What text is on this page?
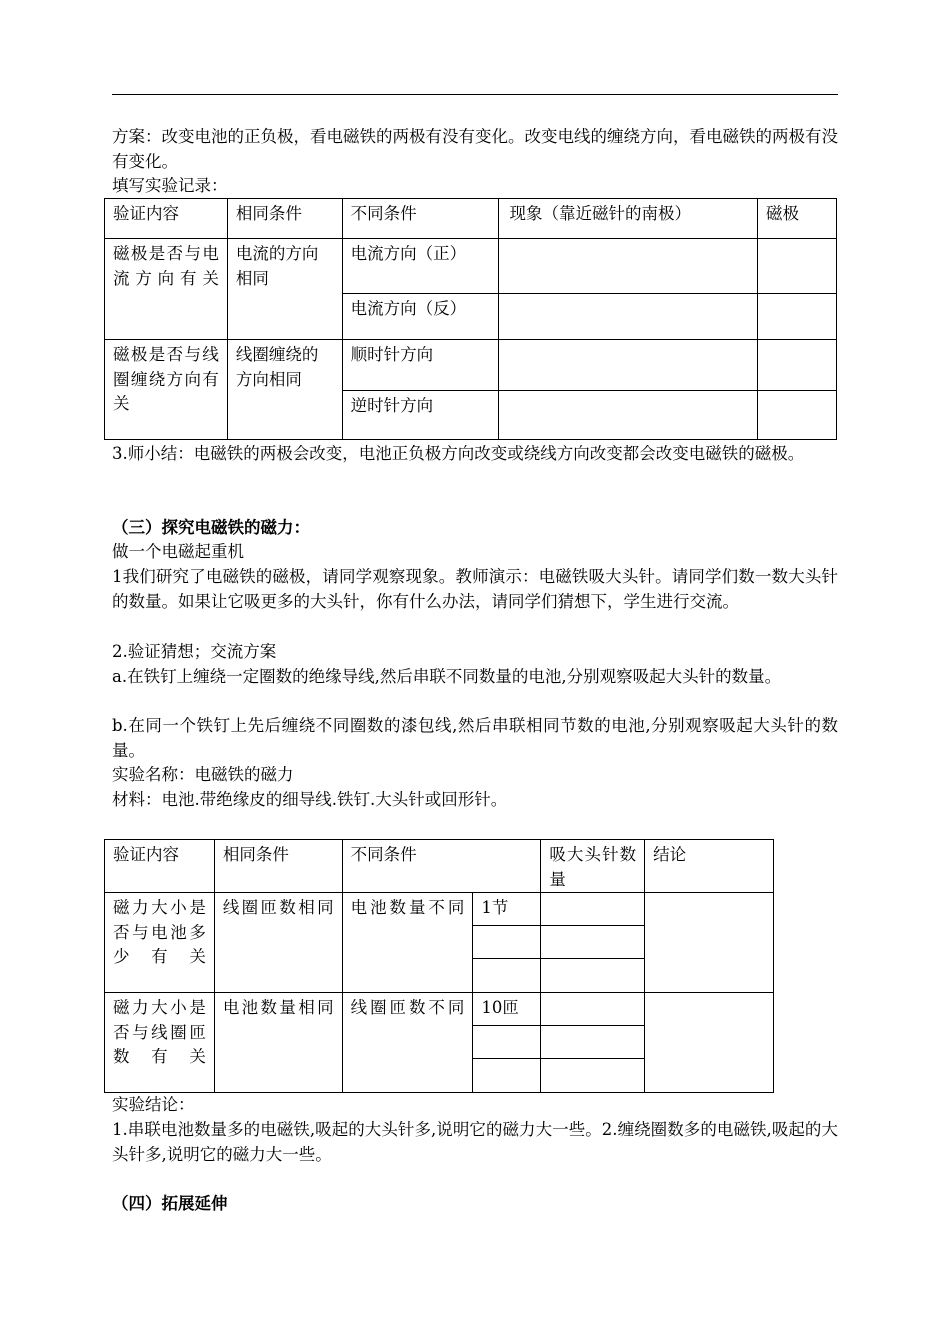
方案：改变电池的正负极，看电磁铁的两极有没有变化。改变电线的缠绕方向，看电磁铁的两极有没有变化。

填写实验记录：

验证内容	相同条件	不同条件	现象（靠近磁针的南极）	磁极
磁极是否与电流方向有关	电流的方向相同	电流方向（正）		
		电流方向（反）		
磁极是否与线圈缠绕方向有关	线圈缠绕的方向相同	顺时针方向		
		逆时针方向		

3.师小结：电磁铁的两极会改变，电池正负极方向改变或绕线方向改变都会改变电磁铁的磁极。

（三）探究电磁铁的磁力：

做一个电磁起重机

1我们研究了电磁铁的磁极，请同学观察现象。教师演示：电磁铁吸大头针。请同学们数一数大头针的数量。如果让它吸更多的大头针，你有什么办法，请同学们猜想下，学生进行交流。

2.验证猜想；交流方案

a.在铁钉上缠绕一定圈数的绝缘导线,然后串联不同数量的电池,分别观察吸起大头针的数量。

b.在同一个铁钉上先后缠绕不同圈数的漆包线,然后串联相同节数的电池,分别观察吸起大头针的数量。

实验名称：电磁铁的磁力

材料：电池.带绝缘皮的细导线.铁钉.大头针或回形针。

验证内容	相同条件	不同条件		吸大头针数量	结论
磁力大小是否与电池多少有关	线圈匝数相同	电池数量不同	1节		

磁力大小是否与线圈匝数有关	电池数量相同	线圈匝数不同	10匝		

实验结论：

1.串联电池数量多的电磁铁,吸起的大头针多,说明它的磁力大一些。2.缠绕圈数多的电磁铁,吸起的大头针多,说明它的磁力大一些。

（四）拓展延伸
